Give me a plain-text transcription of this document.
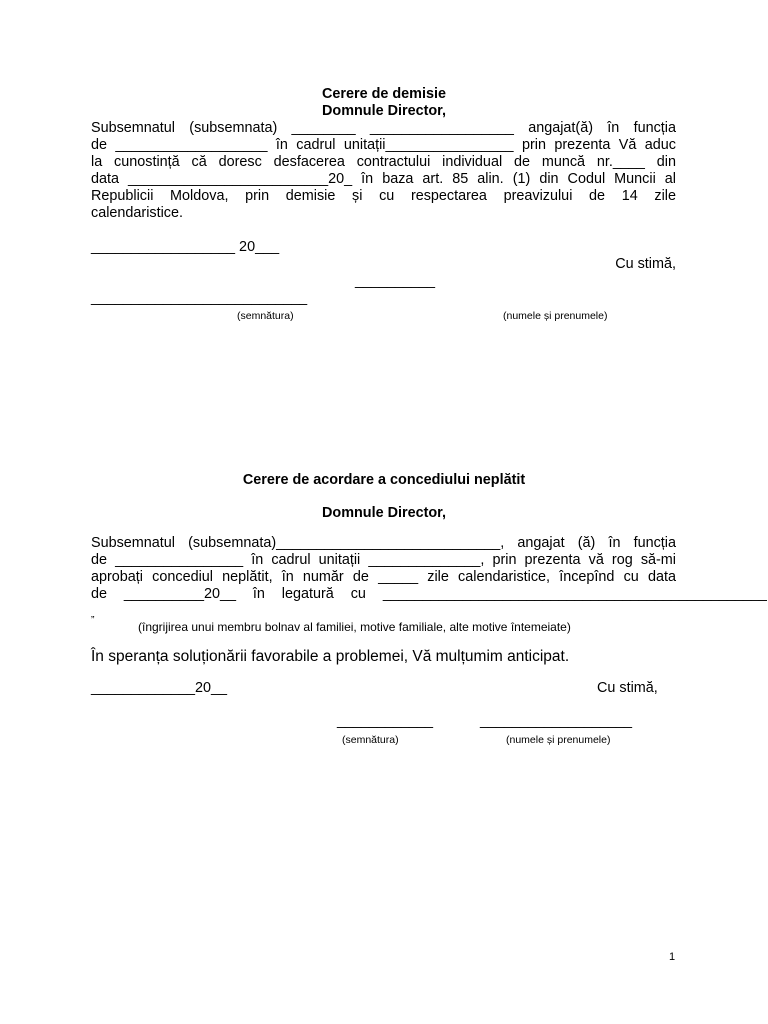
Cerere de demisie
Domnule Director,
Subsemnatul (subsemnata) ________ __________________ angajat(ă) în funcția
de ___________________ în cadrul unitații________________ prin prezenta Vă aduc
la cunostință că doresc desfacerea contractului individual de muncă nr.____ din
data _________________________20_ în baza art. 85 alin. (1) din Codul Muncii al
Republicii Moldova, prin demisie și cu respectarea preavizului de 14 zile
calendaristice.
__________________ 20___
Cu stimă,
__________
___________________________
(semnătura)	(numele și prenumele)
Cerere de acordare a concediului neplătit
Domnule Director,
Subsemnatul (subsemnata)____________________________, angajat (ă) în funcția
de ________________ în cadrul unitații ______________, prin prezenta vă rog să-mi
aprobați concediul neplătit, în număr de _____ zile calendaristice, începînd cu data
de __________20__ în legatură cu ________________________________________________
„
(îngrijirea unui membru bolnav al familiei, motive familiale, alte motive întemeiate)
În speranța soluționării favorabile a problemei, Vă mulțumim anticipat.
_____________20__	Cu stimă,
____________	___________________
(semnătura)	(numele și prenumele)
1
